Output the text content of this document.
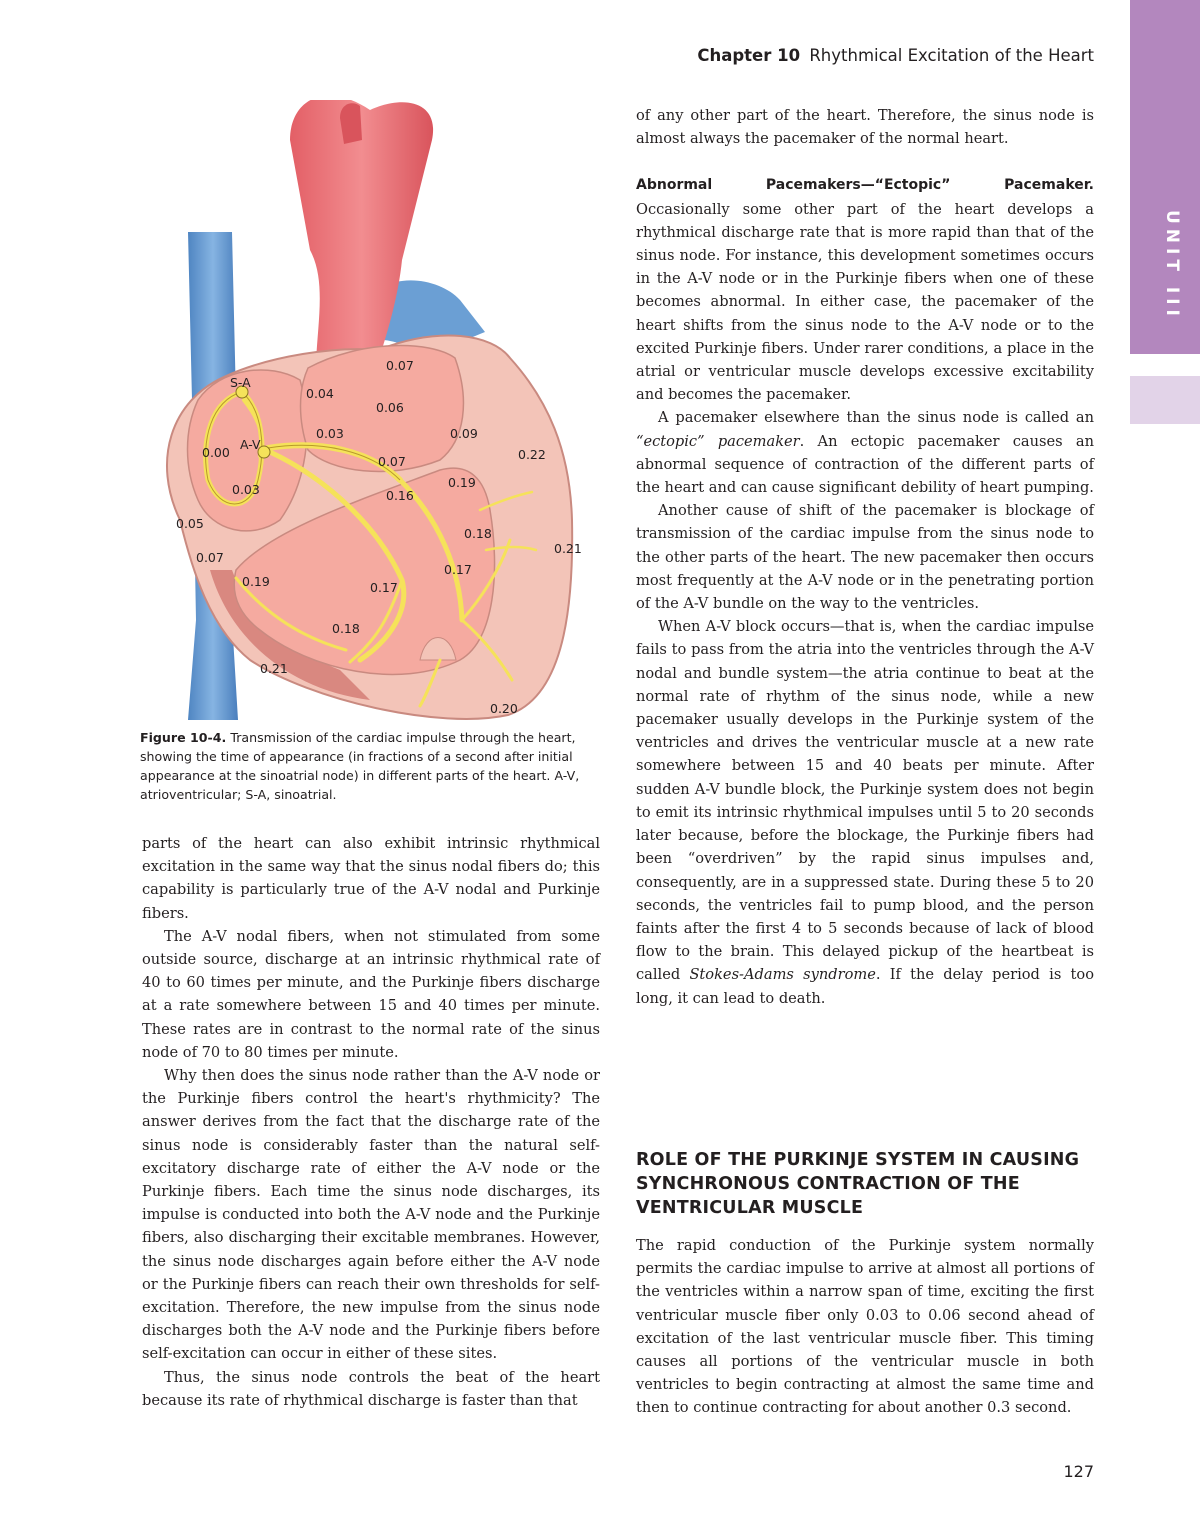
Chapter 10 Rhythmical Excitation of the Heart
UNIT III
S-A
A-V
0.00
0.03
0.03
0.04
0.05
0.06
0.07
0.07
0.07
0.09
0.16
0.17
0.17
0.18
0.18
0.19
0.19
0.20
0.21
0.21
0.22
Figure 10-4. Transmission of the cardiac impulse through the heart, showing the time of appearance (in fractions of a second after initial appearance at the sinoatrial node) in different parts of the heart. A-V, atrioventricular; S-A, sinoatrial.

parts of the heart can also exhibit intrinsic rhythmical excitation in the same way that the sinus nodal fibers do; this capability is particularly true of the A-V nodal and Purkinje fibers.

The A-V nodal fibers, when not stimulated from some outside source, discharge at an intrinsic rhythmical rate of 40 to 60 times per minute, and the Purkinje fibers discharge at a rate somewhere between 15 and 40 times per minute. These rates are in contrast to the normal rate of the sinus node of 70 to 80 times per minute.

Why then does the sinus node rather than the A-V node or the Purkinje fibers control the heart's rhythmicity? The answer derives from the fact that the discharge rate of the sinus node is considerably faster than the natural self-excitatory discharge rate of either the A-V node or the Purkinje fibers. Each time the sinus node discharges, its impulse is conducted into both the A-V node and the Purkinje fibers, also discharging their excitable membranes. However, the sinus node discharges again before either the A-V node or the Purkinje fibers can reach their own thresholds for self-excitation. Therefore, the new impulse from the sinus node discharges both the A-V node and the Purkinje fibers before self-excitation can occur in either of these sites.

Thus, the sinus node controls the beat of the heart because its rate of rhythmical discharge is faster than that

of any other part of the heart. Therefore, the sinus node is almost always the pacemaker of the normal heart.

Abnormal Pacemakers—“Ectopic” Pacemaker. Occasionally some other part of the heart develops a rhythmical discharge rate that is more rapid than that of the sinus node. For instance, this development sometimes occurs in the A-V node or in the Purkinje fibers when one of these becomes abnormal. In either case, the pacemaker of the heart shifts from the sinus node to the A-V node or to the excited Purkinje fibers. Under rarer conditions, a place in the atrial or ventricular muscle develops excessive excitability and becomes the pacemaker.

A pacemaker elsewhere than the sinus node is called an “ectopic” pacemaker. An ectopic pacemaker causes an abnormal sequence of contraction of the different parts of the heart and can cause significant debility of heart pumping.

Another cause of shift of the pacemaker is blockage of transmission of the cardiac impulse from the sinus node to the other parts of the heart. The new pacemaker then occurs most frequently at the A-V node or in the penetrating portion of the A-V bundle on the way to the ventricles.

When A-V block occurs—that is, when the cardiac impulse fails to pass from the atria into the ventricles through the A-V nodal and bundle system—the atria continue to beat at the normal rate of rhythm of the sinus node, while a new pacemaker usually develops in the Purkinje system of the ventricles and drives the ventricular muscle at a new rate somewhere between 15 and 40 beats per minute. After sudden A-V bundle block, the Purkinje system does not begin to emit its intrinsic rhythmical impulses until 5 to 20 seconds later because, before the blockage, the Purkinje fibers had been “overdriven” by the rapid sinus impulses and, consequently, are in a suppressed state. During these 5 to 20 seconds, the ventricles fail to pump blood, and the person faints after the first 4 to 5 seconds because of lack of blood flow to the brain. This delayed pickup of the heartbeat is called Stokes-Adams syndrome. If the delay period is too long, it can lead to death.

ROLE OF THE PURKINJE SYSTEM IN CAUSING SYNCHRONOUS CONTRACTION OF THE VENTRICULAR MUSCLE

The rapid conduction of the Purkinje system normally permits the cardiac impulse to arrive at almost all portions of the ventricles within a narrow span of time, exciting the first ventricular muscle fiber only 0.03 to 0.06 second ahead of excitation of the last ventricular muscle fiber. This timing causes all portions of the ventricular muscle in both ventricles to begin contracting at almost the same time and then to continue contracting for about another 0.3 second.

127
